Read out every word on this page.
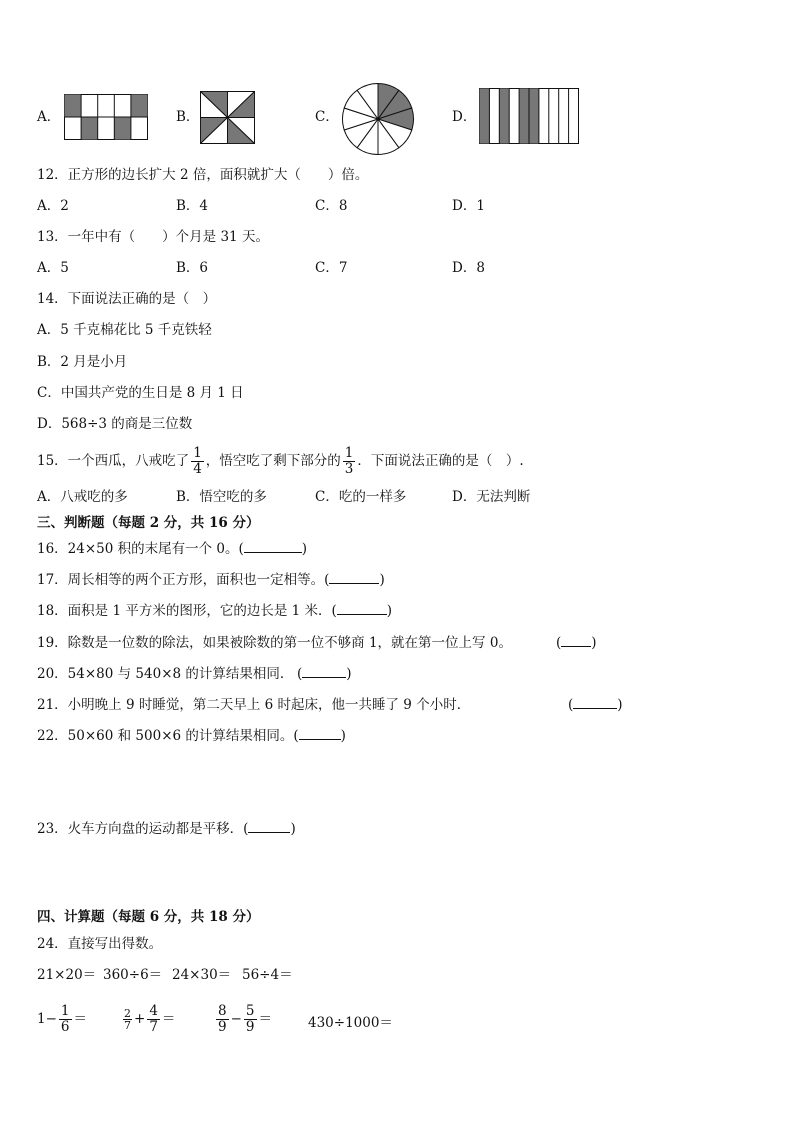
A．	B．	C．	D．
12．正方形的边长扩大 2 倍，面积就扩大（　　）倍。
A．2	B．4	C．8	D．1
13．一年中有（　　）个月是 31 天。
A．5	B．6	C．7	D．8
14．下面说法正确的是（　）
A．5 千克棉花比 5 千克铁轻
B．2 月是小月
C．中国共产党的生日是 8 月 1 日
D．568÷3 的商是三位数
15．一个西瓜，八戒吃了 $\frac{1}{4}$ ，悟空吃了剩下部分的 $\frac{1}{3}$ ．下面说法正确的是（　）.
A．八戒吃的多	B．悟空吃的多	C．吃的一样多	D．无法判断
三、判断题（每题 2 分，共 16 分）
16．24×50 积的末尾有一个 0。(	)
17．周长相等的两个正方形，面积也一定相等。(	)
18．面积是 1 平方米的图形，它的边长是 1 米．(	)
19．除数是一位数的除法，如果被除数的第一位不够商 1，就在第一位上写 0。	( )
20．54×80 与 540×8 的计算结果相同． (	)
21．小明晚上 9 时睡觉，第二天早上 6 时起床，他一共睡了 9 个小时．	(	)
22．50×60 和 500×6 的计算结果相同。(	)
23．火车方向盘的运动都是平移．(	)
四、计算题（每题 6 分，共 18 分）
24．直接写出得数。
21×20＝ 360÷6＝ 24×30＝ 56÷4＝
$1- \frac{1}{6}$ ＝	$\frac{2}{7} + \frac{4}{7}$ ＝	$\frac{8}{9} - \frac{5}{9}$ ＝	430÷1000＝
